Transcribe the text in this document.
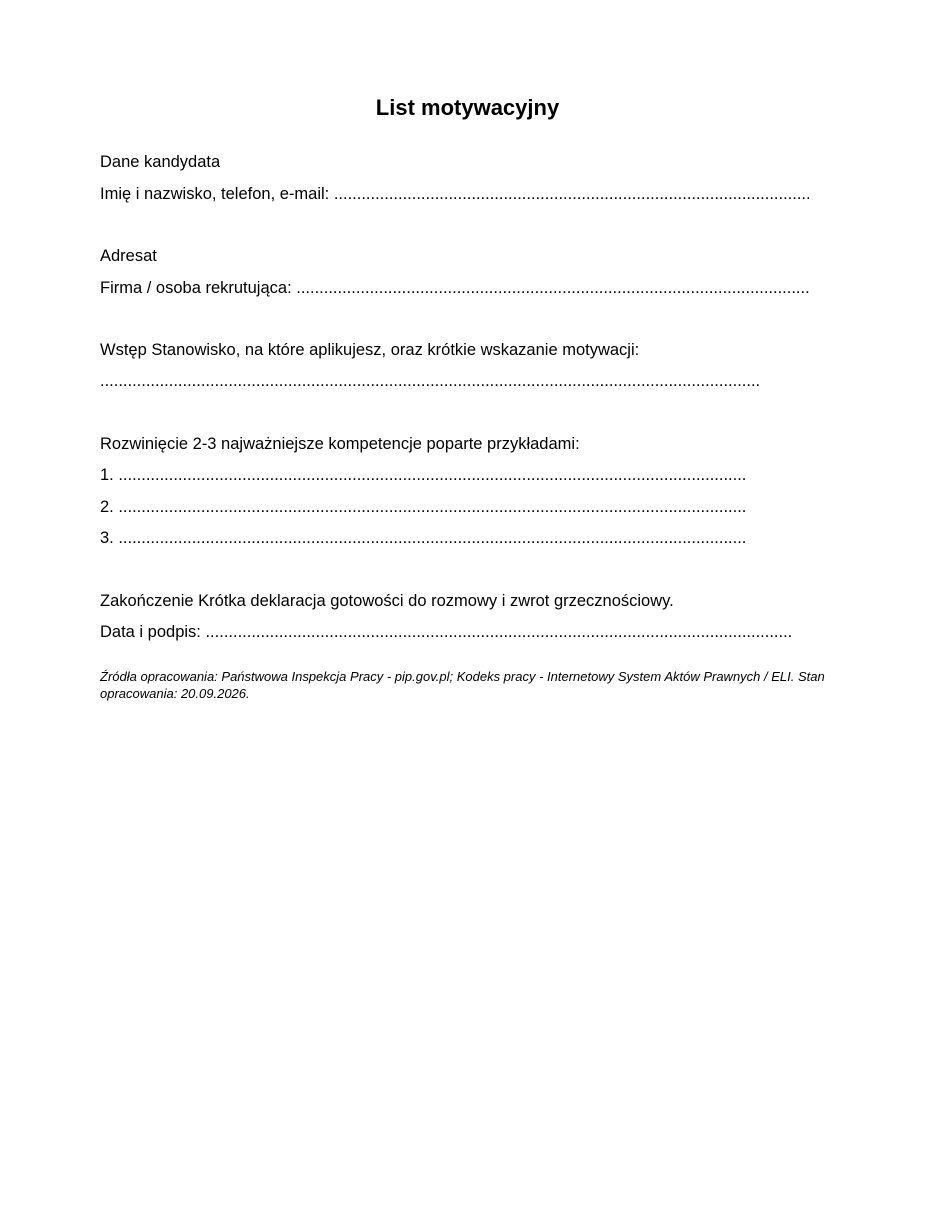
List motywacyjny

Dane kandydata

Imię i nazwisko, telefon, e-mail: ........................................................................................................

Adresat

Firma / osoba rekrutująca: ................................................................................................................

Wstęp Stanowisko, na które aplikujesz, oraz krótkie wskazanie motywacji:

................................................................................................................................................

Rozwinięcie 2-3 najważniejsze kompetencje poparte przykładami:

1. .........................................................................................................................................

2. .........................................................................................................................................

3. .........................................................................................................................................

Zakończenie Krótka deklaracja gotowości do rozmowy i zwrot grzecznościowy.

Data i podpis: ................................................................................................................................

Źródła opracowania: Państwowa Inspekcja Pracy - pip.gov.pl; Kodeks pracy - Internetowy System Aktów Prawnych / ELI. Stan opracowania: 20.09.2026.
